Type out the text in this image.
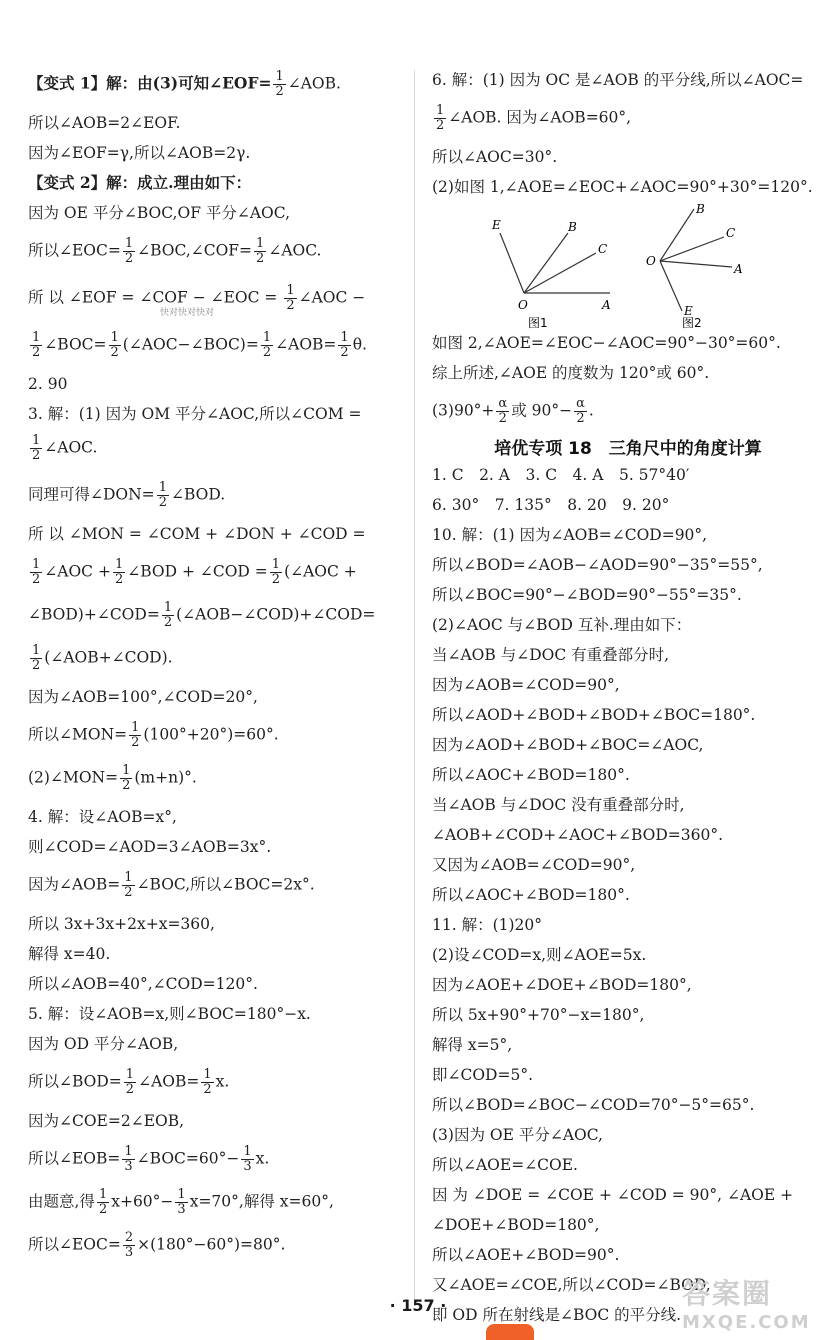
【变式 1】解：由(3)可知∠EOF= $\frac{1}{2}$ ∠AOB.
所以∠AOB=2∠EOF.
因为∠EOF=γ,所以∠AOB=2γ.
【变式 2】解：成立.理由如下：
因为 OE 平分∠BOC,OF 平分∠AOC,
所以∠EOC= $\frac{1}{2}$ ∠BOC,∠COF= $\frac{1}{2}$ ∠AOC.
所 以 ∠EOF = ∠COF − ∠EOC = $\frac{1}{2}$ ∠AOC −
$\frac{1}{2}$ ∠BOC= $\frac{1}{2}$ (∠AOC−∠BOC)= $\frac{1}{2}$ ∠AOB= $\frac{1}{2} \theta$.
2. 90
3. 解：(1) 因为 OM 平分∠AOC,所以∠COM =
$\frac{1}{2}$ ∠AOC.
同理可得∠DON= $\frac{1}{2}$ ∠BOD.
所 以 ∠MON = ∠COM + ∠DON + ∠COD =
$\frac{1}{2}$ ∠AOC + $\frac{1}{2}$ ∠BOD + ∠COD = $\frac{1}{2}$ (∠AOC +
∠BOD)+∠COD= $\frac{1}{2}$ (∠AOB−∠COD)+∠COD=
$\frac{1}{2}$ (∠AOB+∠COD).
因为∠AOB=100°,∠COD=20°,
所以∠MON= $\frac{1}{2} (100^\circ+20^\circ)=60^\circ$.
(2)∠MON= $\frac{1}{2} (m+n)^\circ$.
4. 解：设∠AOB=x°,
则∠COD=∠AOD=3∠AOB=3x°.
因为∠AOB= $\frac{1}{2}$ ∠BOC,所以∠BOC=2x°.
所以 3x+3x+2x+x=360,
解得 x=40.
所以∠AOB=40°,∠COD=120°.
5. 解：设∠AOB=x,则∠BOC=180°−x.
因为 OD 平分∠AOB,
所以∠BOD= $\frac{1}{2}$ ∠AOB= $\frac{1}{2} x$.
因为∠COE=2∠EOB,
所以∠EOB= $\frac{1}{3}$ ∠BOC=60°− $\frac{1}{3} x$.
由题意,得 $\frac{1}{2} x+60^\circ- \frac{1}{3} x=70^\circ$,解得 x=60°,
所以∠EOC= $\frac{2}{3} \times(180^\circ-60^\circ)=80^\circ$.
快对快对快对
6. 解：(1) 因为 OC 是∠AOB 的平分线,所以∠AOC=
$\frac{1}{2}$ ∠AOB. 因为∠AOB=60°,
所以∠AOC=30°.
(2)如图 1,∠AOE=∠EOC+∠AOC=90°+30°=120°.
E	B
C
O	A
图1
B
C
O
A
E
图2
如图 2,∠AOE=∠EOC−∠AOC=90°−30°=60°.
综上所述,∠AOE 的度数为 120°或 60°.
$(3)90^\circ+ \frac{\alpha}{2}$ 或 $90^\circ- \frac{\alpha}{2}$ .
培优专项 18　三角尺中的角度计算
1. C　2. A　3. C　4. A　5. 57°40′
6. 30°　7. 135°　8. 20　9. 20°
10. 解：(1) 因为∠AOB=∠COD=90°,
所以∠BOD=∠AOB−∠AOD=90°−35°=55°,
所以∠BOC=90°−∠BOD=90°−55°=35°.
(2)∠AOC 与∠BOD 互补.理由如下：
当∠AOB 与∠DOC 有重叠部分时,
因为∠AOB=∠COD=90°,
所以∠AOD+∠BOD+∠BOD+∠BOC=180°.
因为∠AOD+∠BOD+∠BOC=∠AOC,
所以∠AOC+∠BOD=180°.
当∠AOB 与∠DOC 没有重叠部分时,
∠AOB+∠COD+∠AOC+∠BOD=360°.
又因为∠AOB=∠COD=90°,
所以∠AOC+∠BOD=180°.
11. 解：(1)20°
(2)设∠COD=x,则∠AOE=5x.
因为∠AOE+∠DOE+∠BOD=180°,
所以 5x+90°+70°−x=180°,
解得 x=5°,
即∠COD=5°.
所以∠BOD=∠BOC−∠COD=70°−5°=65°.
(3)因为 OE 平分∠AOC,
所以∠AOE=∠COE.
因 为 ∠DOE = ∠COE + ∠COD = 90°, ∠AOE +
∠DOE+∠BOD=180°,
所以∠AOE+∠BOD=90°.
又∠AOE=∠COE,所以∠COD=∠BOD,
即 OD 所在射线是∠BOC 的平分线.
· 157 ·	答案圈
MXQE.COM
